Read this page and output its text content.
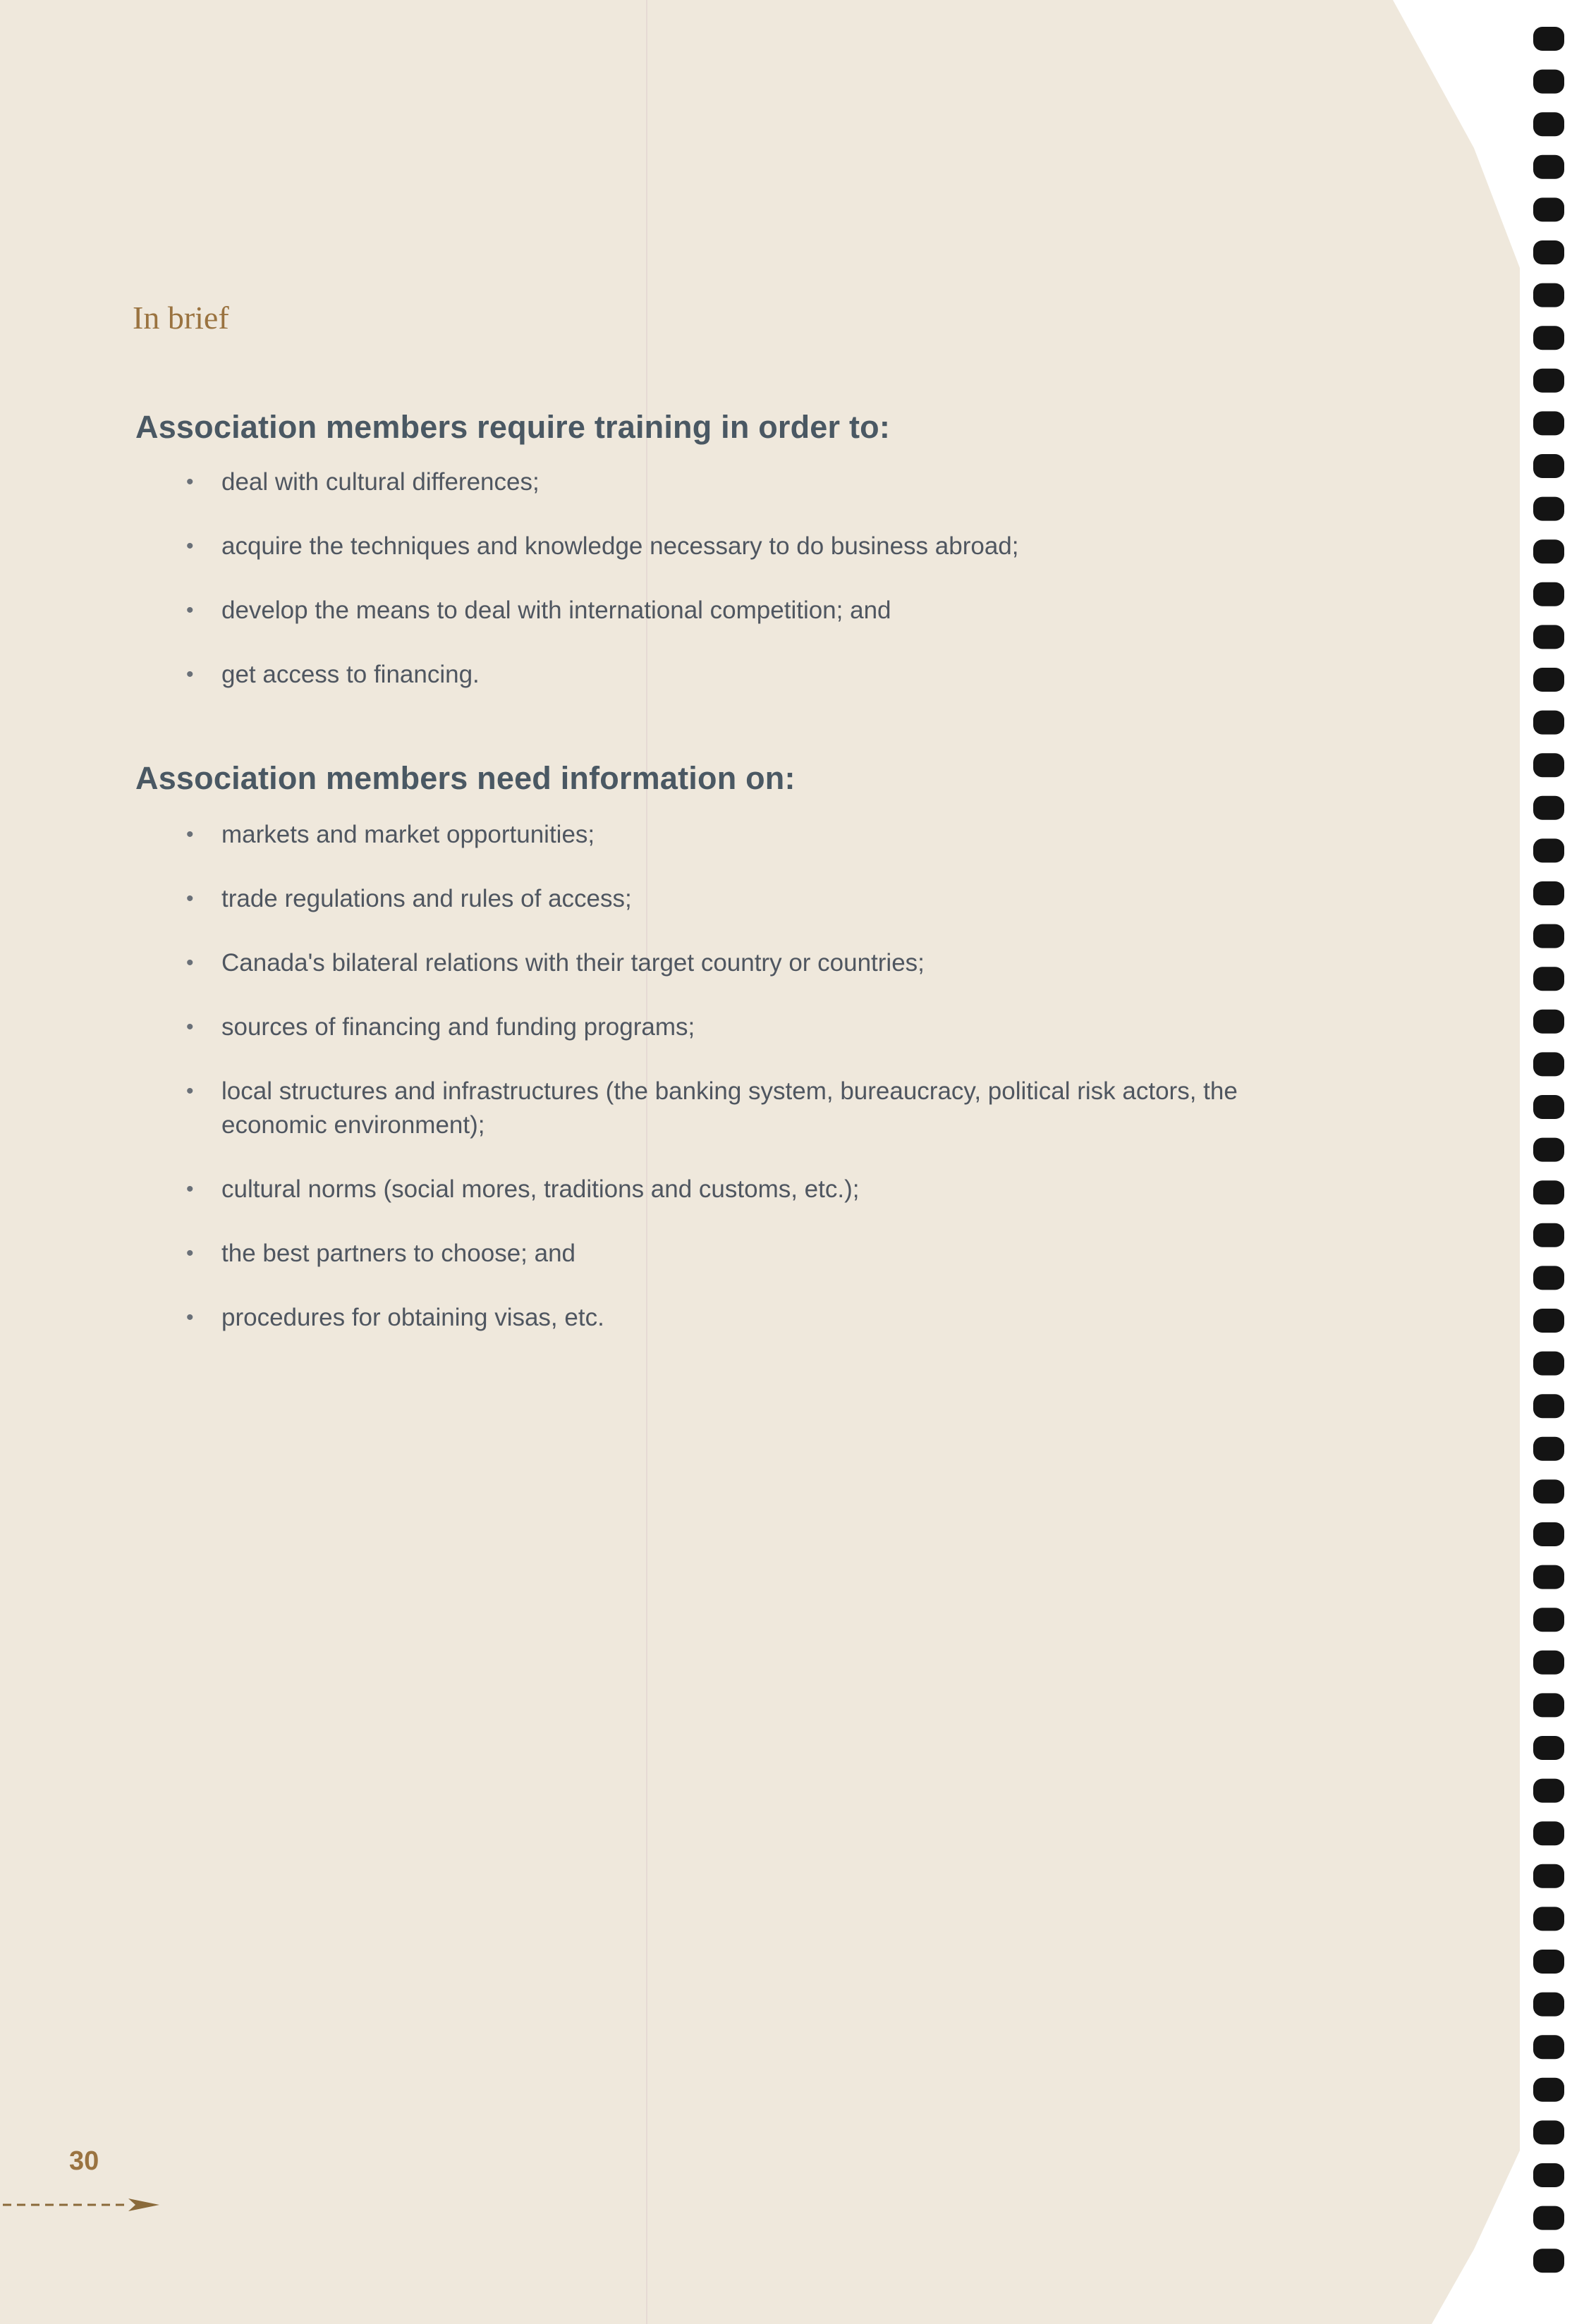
In brief
Association members require training in order to:
• deal with cultural differences;
• acquire the techniques and knowledge necessary to do business abroad;
• develop the means to deal with international competition; and
• get access to financing.
Association members need information on:
• markets and market opportunities;
• trade regulations and rules of access;
• Canada's bilateral relations with their target country or countries;
• sources of financing and funding programs;
• local structures and infrastructures (the banking system, bureaucracy, political risk actors, the economic environment);
• cultural norms (social mores, traditions and customs, etc.);
• the best partners to choose; and
• procedures for obtaining visas, etc.
30
